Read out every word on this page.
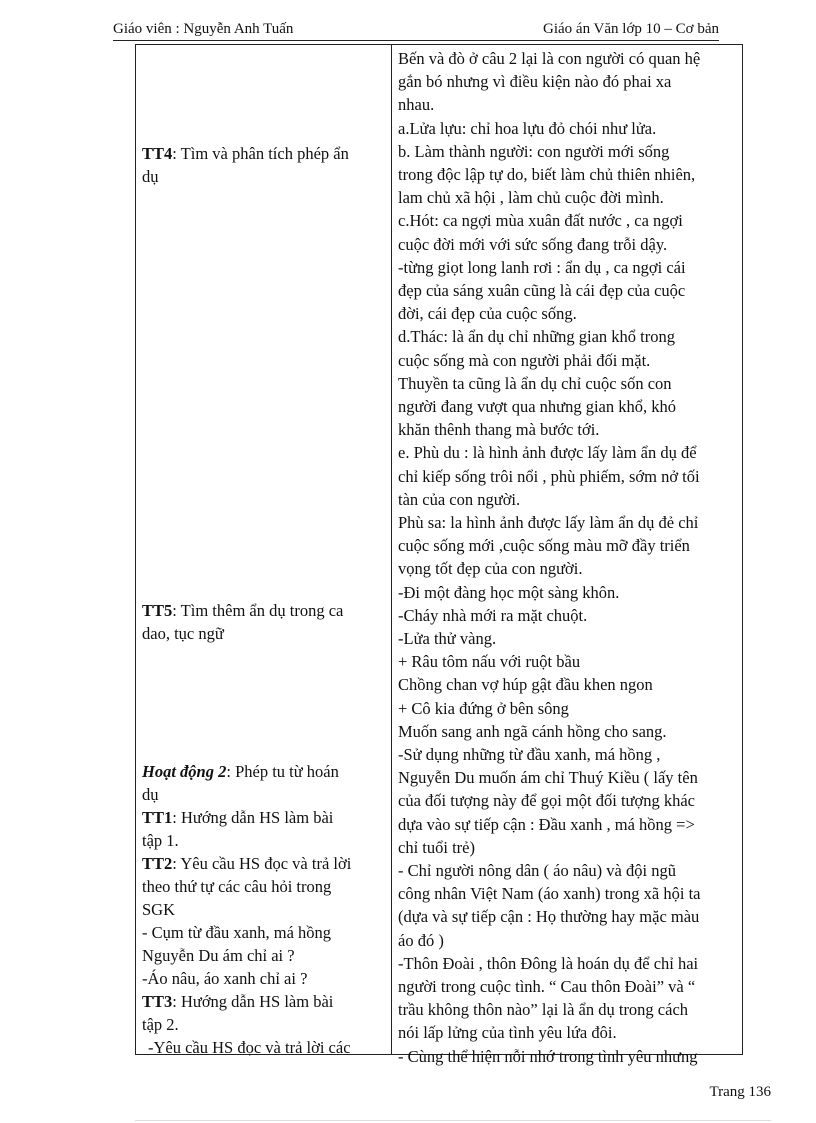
Giáo viên : Nguyễn Anh Tuấn	Giáo án Văn lớp 10 – Cơ bản
TT4: Tìm và phân tích phép ẩn
dụ
TT5: Tìm thêm ẩn dụ trong ca
dao, tục ngữ
Hoạt động 2: Phép tu từ hoán
dụ
TT1: Hướng dẫn HS làm bài
tập 1.
TT2: Yêu cầu HS đọc và trả lời
theo thứ tự các câu hỏi trong
SGK
- Cụm từ đầu xanh, má hồng
Nguyễn Du ám chỉ ai ?
-Áo nâu, áo xanh chỉ ai ?
TT3: Hướng dẫn HS làm bài
tập 2.
-Yêu cầu HS đọc và trả lời các
Bến và đò ở câu 2 lại là con người có quan hệ
gắn bó nhưng vì điều kiện nào đó phai xa
nhau.
a.Lửa lựu: chỉ hoa lựu đỏ chói như lửa.
b. Làm thành người: con người mới sống
trong độc lập tự do, biết làm chủ thiên nhiên,
lam chủ xã hội , làm chủ cuộc đời mình.
c.Hót: ca ngợi mùa xuân đất nước , ca ngợi
cuộc đời mới với sức sống đang trỗi dậy.
-từng giọt long lanh rơi : ẩn dụ , ca ngợi cái
đẹp của sáng xuân cũng là cái đẹp của cuộc
đời, cái đẹp của cuộc sống.
d.Thác: là ẩn dụ chỉ những gian khổ trong
cuộc sống mà con người phải đối mặt.
Thuyền ta cũng là ẩn dụ chỉ cuộc sốn con
người đang vượt qua nhưng gian khổ, khó
khăn thênh thang mà bước tới.
e. Phù du : là hình ảnh được lấy làm ẩn dụ để
chỉ kiếp sống trôi nổi , phù phiếm, sớm nở tối
tàn của con người.
Phù sa: la hình ảnh được lấy làm ẩn dụ đẻ chỉ
cuộc sống mới ,cuộc sống màu mỡ đầy triển
vọng tốt đẹp của con người.
-Đi một đàng học một sàng khôn.
-Cháy nhà mới ra mặt chuột.
-Lửa thử vàng.
+ Râu tôm nấu với ruột bầu
Chồng chan vợ húp gật đầu khen ngon
+ Cô kia đứng ở bên sông
Muốn sang anh ngã cánh hồng cho sang.
-Sử dụng những từ đầu xanh, má hồng ,
Nguyễn Du muốn ám chỉ Thuý Kiều ( lấy tên
của đối tượng này để gọi một đối tượng khác
dựa vào sự tiếp cận : Đầu xanh , má hồng =>
chỉ tuổi trẻ)
- Chỉ người nông dân ( áo nâu) và đội ngũ
công nhân Việt Nam (áo xanh) trong xã hội ta
(dựa và sự tiếp cận : Họ thường hay mặc màu
áo đó )
-Thôn Đoài , thôn Đông là hoán dụ để chỉ hai
người trong cuộc tình. “ Cau thôn Đoài” và “
trầu không thôn nào” lại là ẩn dụ trong cách
nói lấp lửng của tình yêu lứa đôi.
- Cùng thể hiện nỗi nhớ trong tình yêu nhưng
Trang 136
